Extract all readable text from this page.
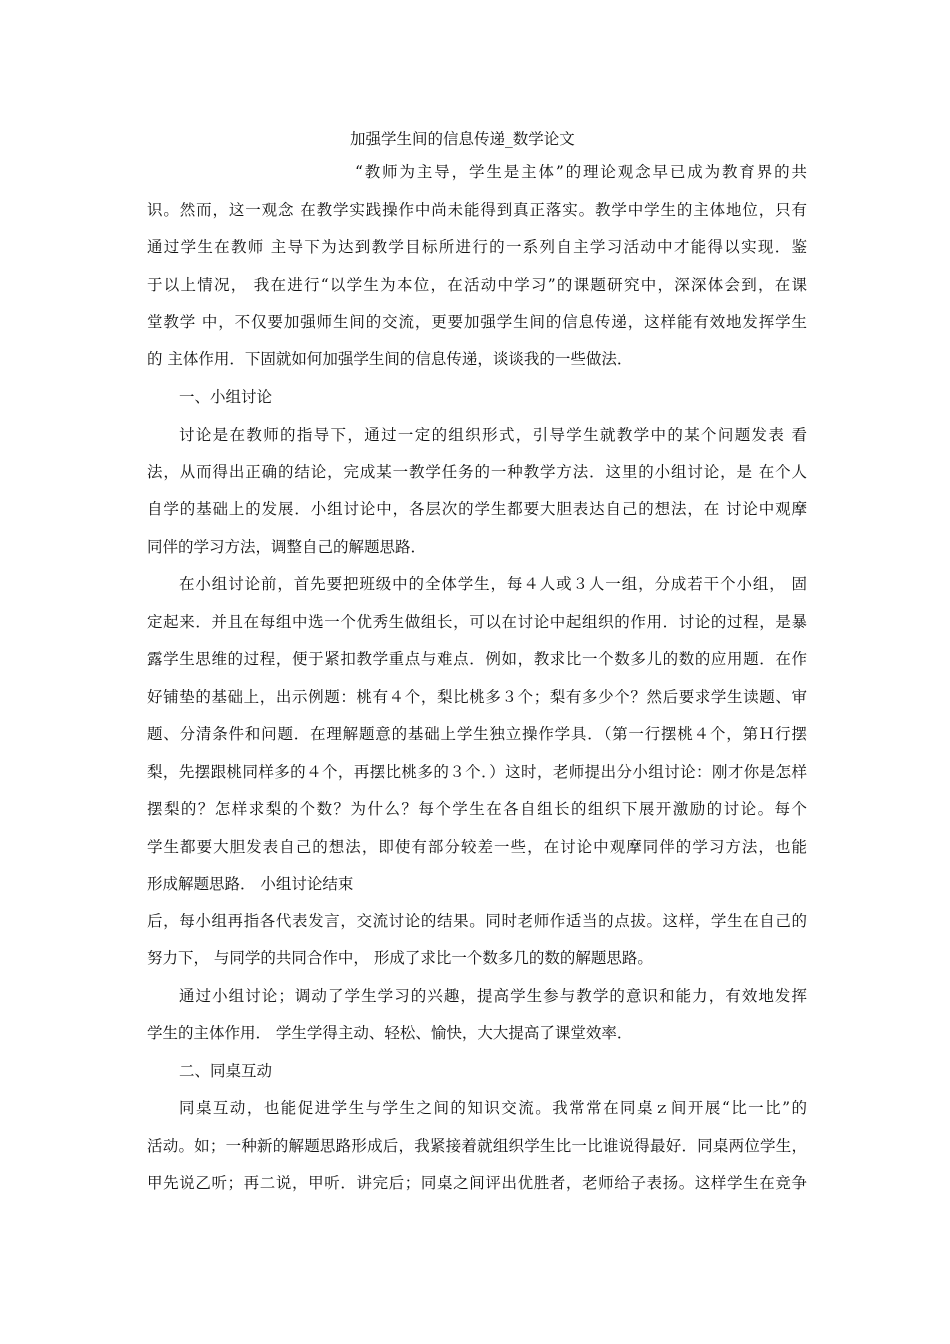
加强学生间的信息传递_数学论文
“教师为主导，学生是主体”的理论观念早已成为教育界的共
识。然而，这一观念 在教学实践操作中尚未能得到真正落实。教学中学生的主体地位，只有
通过学生在教师 主导下为达到教学目标所进行的一系列自主学习活动中才能得以实现．鉴
于以上情况， 我在进行“以学生为本位，在活动中学习”的课题研究中，深深体会到，在课
堂教学 中，不仅要加强师生间的交流，更要加强学生间的信息传递，这样能有效地发挥学生
的 主体作用．下固就如何加强学生间的信息传递，谈谈我的一些做法．
一、小组讨论
讨论是在教师的指导下，通过一定的组织形式，引导学生就教学中的某个问题发表 看
法，从而得出正确的结论，完成某一教学任务的一种教学方法．这里的小组讨论，是 在个人
自学的基础上的发展．小组讨论中，各层次的学生都要大胆表达自己的想法，在 讨论中观摩
同伴的学习方法，调整自己的解题思路．
在小组讨论前，首先要把班级中的全体学生，每４人或３人一组，分成若干个小组， 固
定起来．并且在每组中选一个优秀生做组长，可以在讨论中起组织的作用．讨论的过程，是暴
露学生思维的过程，便于紧扣教学重点与难点．例如，教求比一个数多儿的数的应用题．在作
好铺垫的基础上，出示例题：桃有４个，梨比桃多３个；梨有多少个？然后要求学生读题、审
题、分清条件和问题．在理解题意的基础上学生独立操作学具．（第一行摆桃４个，第Ｈ行摆
梨，先摆跟桃同样多的４个，再摆比桃多的３个．）这时，老师提出分小组讨论：刚才你是怎样
摆梨的？怎样求梨的个数？为什么？每个学生在各自组长的组织下展开激励的讨论。每个
学生都要大胆发表自己的想法，即使有部分较差一些，在讨论中观摩同伴的学习方法，也能
形成解题思路． 小组讨论结束
后，每小组再指各代表发言，交流讨论的结果。同时老师作适当的点拔。这样，学生在自己的
努力下， 与同学的共同合作中， 形成了求比一个数多几的数的解题思路。
通过小组讨论；调动了学生学习的兴趣，提高学生参与教学的意识和能力，有效地发挥
学生的主体作用． 学生学得主动、轻松、愉快，大大提高了课堂效率．
二、同桌互动
同桌互动，也能促进学生与学生之间的知识交流。我常常在同桌ｚ间开展“比一比”的
活动。如；一种新的解题思路形成后，我紧接着就组织学生比一比谁说得最好．同桌两位学生，
甲先说乙听；再二说，甲听．讲完后；同桌之间评出优胜者，老师给子表扬。这样学生在竞争
